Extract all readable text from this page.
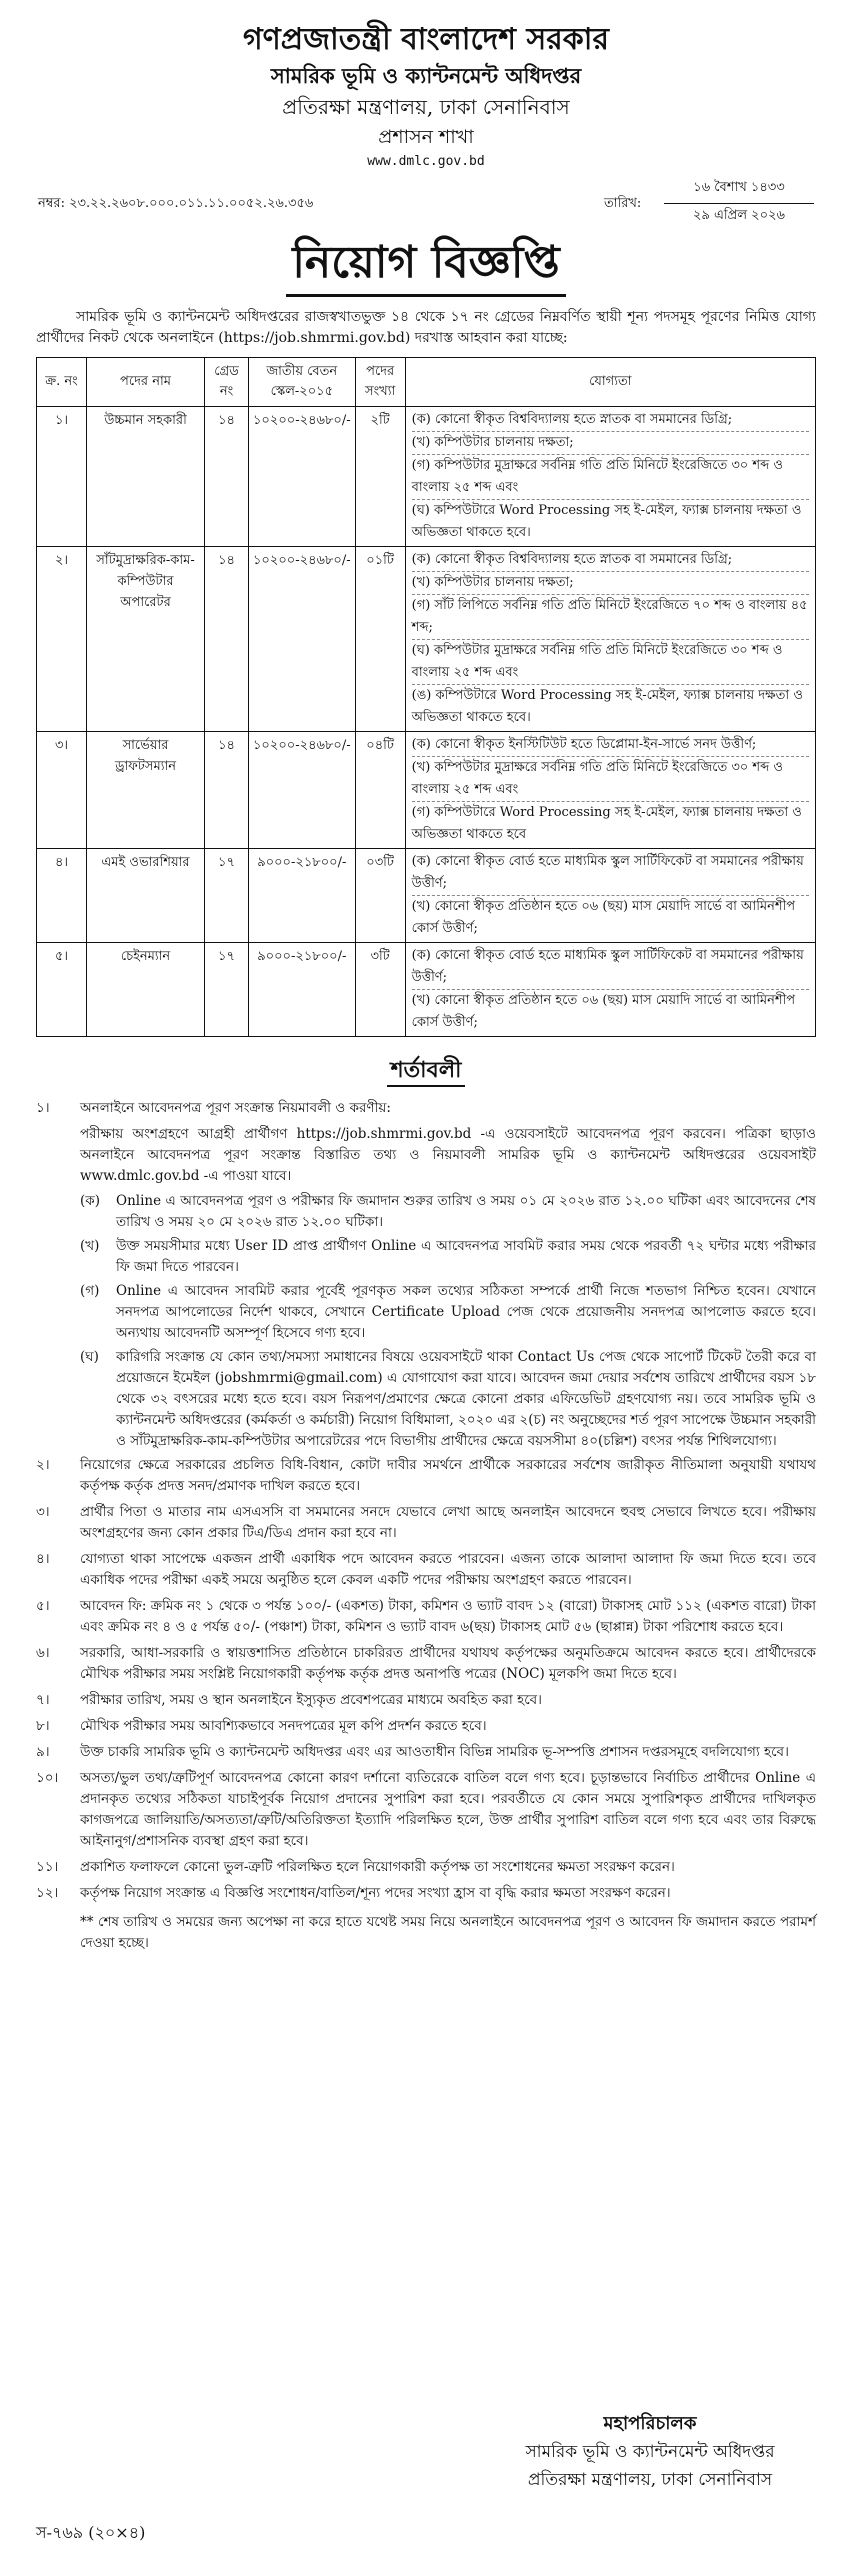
গণপ্রজাতন্ত্রী বাংলাদেশ সরকার
সামরিক ভূমি ও ক্যান্টনমেন্ট অধিদপ্তর
প্রতিরক্ষা মন্ত্রণালয়, ঢাকা সেনানিবাস
প্রশাসন শাখা
www.dmlc.gov.bd
নম্বর: ২৩.২২.২৬০৮.০০০.০১১.১১.০০৫২.২৬.৩৫৬	তারিখ:
১৬ বৈশাখ ১৪৩৩
২৯ এপ্রিল ২০২৬
নিয়োগ বিজ্ঞপ্তি
সামরিক ভূমি ও ক্যান্টনমেন্ট অধিদপ্তরের রাজস্বখাতভুক্ত ১৪ থেকে ১৭ নং গ্রেডের নিম্নবর্ণিত স্থায়ী শূন্য পদসমূহ পূরণের নিমিত্ত যোগ্য প্রার্থীদের নিকট থেকে অনলাইনে (https://job.shmrmi.gov.bd) দরখাস্ত আহবান করা যাচ্ছে:
ক্র. নং	পদের নাম	গ্রেড নং	জাতীয় বেতন স্কেল-২০১৫	পদের সংখ্যা	যোগ্যতা
১।	উচ্চমান সহকারী	১৪	১০২০০-২৪৬৮০/-	২টি	(ক) কোনো স্বীকৃত বিশ্ববিদ্যালয় হতে স্নাতক বা সমমানের ডিগ্রি;
(খ) কম্পিউটার চালনায় দক্ষতা;
(গ) কম্পিউটার মুদ্রাক্ষরে সর্বনিম্ন গতি প্রতি মিনিটে ইংরেজিতে ৩০ শব্দ ও বাংলায় ২৫ শব্দ এবং
(ঘ) কম্পিউটারে Word Processing সহ ই-মেইল, ফ্যাক্স চালনায় দক্ষতা ও অভিজ্ঞতা থাকতে হবে।

২।	সাঁটমুদ্রাক্ষরিক-কাম-কম্পিউটার অপারেটর	১৪	১০২০০-২৪৬৮০/-	০১টি	(ক) কোনো স্বীকৃত বিশ্ববিদ্যালয় হতে স্নাতক বা সমমানের ডিগ্রি;
(খ) কম্পিউটার চালনায় দক্ষতা;
(গ) সাঁট লিপিতে সর্বনিম্ন গতি প্রতি মিনিটে ইংরেজিতে ৭০ শব্দ ও বাংলায় ৪৫ শব্দ;
(ঘ) কম্পিউটার মুদ্রাক্ষরে সর্বনিম্ন গতি প্রতি মিনিটে ইংরেজিতে ৩০ শব্দ ও বাংলায় ২৫ শব্দ এবং
(ঙ) কম্পিউটারে Word Processing সহ ই-মেইল, ফ্যাক্স চালনায় দক্ষতা ও অভিজ্ঞতা থাকতে হবে।

৩।	সার্ভেয়ার ড্রাফটসম্যান	১৪	১০২০০-২৪৬৮০/-	০৪টি	(ক) কোনো স্বীকৃত ইনস্টিটিউট হতে ডিপ্লোমা-ইন-সার্ভে সনদ উত্তীর্ণ;
(খ) কম্পিউটার মুদ্রাক্ষরে সর্বনিম্ন গতি প্রতি মিনিটে ইংরেজিতে ৩০ শব্দ ও বাংলায় ২৫ শব্দ এবং
(গ) কম্পিউটারে Word Processing সহ ই-মেইল, ফ্যাক্স চালনায় দক্ষতা ও অভিজ্ঞতা থাকতে হবে

৪।	এমই ওভারশিয়ার	১৭	৯০০০-২১৮০০/-	০৩টি	(ক) কোনো স্বীকৃত বোর্ড হতে মাধ্যমিক স্কুল সার্টিফিকেট বা সমমানের পরীক্ষায় উত্তীর্ণ;
(খ) কোনো স্বীকৃত প্রতিষ্ঠান হতে ০৬ (ছয়) মাস মেয়াদি সার্ভে বা আমিনশীপ কোর্স উত্তীর্ণ;

৫।	চেইনম্যান	১৭	৯০০০-২১৮০০/-	৩টি	(ক) কোনো স্বীকৃত বোর্ড হতে মাধ্যমিক স্কুল সার্টিফিকেট বা সমমানের পরীক্ষায় উত্তীর্ণ;
(খ) কোনো স্বীকৃত প্রতিষ্ঠান হতে ০৬ (ছয়) মাস মেয়াদি সার্ভে বা আমিনশীপ কোর্স উত্তীর্ণ;
শর্তাবলী
১।	অনলাইনে আবেদনপত্র পূরণ সংক্রান্ত নিয়মাবলী ও করণীয়:
পরীক্ষায় অংশগ্রহণে আগ্রহী প্রার্থীগণ https://job.shmrmi.gov.bd -এ ওয়েবসাইটে আবেদনপত্র পূরণ করবেন। পত্রিকা ছাড়াও অনলাইনে আবেদনপত্র পূরণ সংক্রান্ত বিস্তারিত তথ্য ও নিয়মাবলী সামরিক ভূমি ও ক্যান্টনমেন্ট অধিদপ্তরের ওয়েবসাইট www.dmlc.gov.bd -এ পাওয়া যাবে।
(ক)	Online এ আবেদনপত্র পূরণ ও পরীক্ষার ফি জমাদান শুরুর তারিখ ও সময় ০১ মে ২০২৬ রাত ১২.০০ ঘটিকা এবং আবেদনের শেষ তারিখ ও সময় ২০ মে ২০২৬ রাত ১২.০০ ঘটিকা।
(খ)	উক্ত সময়সীমার মধ্যে User ID প্রাপ্ত প্রার্থীগণ Online এ আবেদনপত্র সাবমিট করার সময় থেকে পরবর্তী ৭২ ঘন্টার মধ্যে পরীক্ষার ফি জমা দিতে পারবেন।
(গ)	Online এ আবেদন সাবমিট করার পূর্বেই পূরণকৃত সকল তথ্যের সঠিকতা সম্পর্কে প্রার্থী নিজে শতভাগ নিশ্চিত হবেন। যেখানে সনদপত্র আপলোডের নির্দেশ থাকবে, সেখানে Certificate Upload পেজ থেকে প্রয়োজনীয় সনদপত্র আপলোড করতে হবে। অন্যথায় আবেদনটি অসম্পূর্ণ হিসেবে গণ্য হবে।
(ঘ)	কারিগরি সংক্রান্ত যে কোন তথ্য/সমস্যা সমাধানের বিষয়ে ওয়েবসাইটে থাকা Contact Us পেজ থেকে সাপোর্ট টিকেট তৈরী করে বা প্রয়োজনে ইমেইল (jobshmrmi@gmail.com) এ যোগাযোগ করা যাবে। আবেদন জমা দেয়ার সর্বশেষ তারিখে প্রার্থীদের বয়স ১৮ থেকে ৩২ বৎসরের মধ্যে হতে হবে। বয়স নিরূপণ/প্রমাণের ক্ষেত্রে কোনো প্রকার এফিডেভিট গ্রহণযোগ্য নয়। তবে সামরিক ভূমি ও ক্যান্টনমেন্ট অধিদপ্তরের (কর্মকর্তা ও কর্মচারী) নিয়োগ বিধিমালা, ২০২০ এর ২(চ) নং অনুচ্ছেদের শর্ত পূরণ সাপেক্ষে উচ্চমান সহকারী ও সাঁটমুদ্রাক্ষরিক-কাম-কম্পিউটার অপারেটরের পদে বিভাগীয় প্রার্থীদের ক্ষেত্রে বয়সসীমা ৪০(চল্লিশ) বৎসর পর্যন্ত শিথিলযোগ্য।
২।	নিয়োগের ক্ষেত্রে সরকারের প্রচলিত বিধি-বিধান, কোটা দাবীর সমর্থনে প্রার্থীকে সরকারের সর্বশেষ জারীকৃত নীতিমালা অনুযায়ী যথাযথ কর্তৃপক্ষ কর্তৃক প্রদত্ত সনদ/প্রমাণক দাখিল করতে হবে।
৩।	প্রার্থীর পিতা ও মাতার নাম এসএসসি বা সমমানের সনদে যেভাবে লেখা আছে অনলাইন আবেদনে হুবহু সেভাবে লিখতে হবে। পরীক্ষায় অংশগ্রহণের জন্য কোন প্রকার টিএ/ডিএ প্রদান করা হবে না।
৪।	যোগ্যতা থাকা সাপেক্ষে একজন প্রার্থী একাধিক পদে আবেদন করতে পারবেন। এজন্য তাকে আলাদা আলাদা ফি জমা দিতে হবে। তবে একাধিক পদের পরীক্ষা একই সময়ে অনুষ্ঠিত হলে কেবল একটি পদের পরীক্ষায় অংশগ্রহণ করতে পারবেন।
৫।	আবেদন ফি: ক্রমিক নং ১ থেকে ৩ পর্যন্ত ১০০/- (একশত) টাকা, কমিশন ও ভ্যাট বাবদ ১২ (বারো) টাকাসহ মোট ১১২ (একশত বারো) টাকা এবং ক্রমিক নং ৪ ও ৫ পর্যন্ত ৫০/- (পঞ্চাশ) টাকা, কমিশন ও ভ্যাট বাবদ ৬(ছয়) টাকাসহ মোট ৫৬ (ছাপ্পান্ন) টাকা পরিশোধ করতে হবে।
৬।	সরকারি, আধা-সরকারি ও স্বায়ত্তশাসিত প্রতিষ্ঠানে চাকরিরত প্রার্থীদের যথাযথ কর্তৃপক্ষের অনুমতিক্রমে আবেদন করতে হবে। প্রার্থীদেরকে মৌখিক পরীক্ষার সময় সংশ্লিষ্ট নিয়োগকারী কর্তৃপক্ষ কর্তৃক প্রদত্ত অনাপত্তি পত্রের (NOC) মূলকপি জমা দিতে হবে।
৭।	পরীক্ষার তারিখ, সময় ও স্থান অনলাইনে ইস্যুকৃত প্রবেশপত্রের মাধ্যমে অবহিত করা হবে।
৮।	মৌখিক পরীক্ষার সময় আবশ্যিকভাবে সনদপত্রের মূল কপি প্রদর্শন করতে হবে।
৯।	উক্ত চাকরি সামরিক ভূমি ও ক্যান্টনমেন্ট অধিদপ্তর এবং এর আওতাধীন বিভিন্ন সামরিক ভূ-সম্পত্তি প্রশাসন দপ্তরসমূহে বদলিযোগ্য হবে।
১০।	অসত্য/ভুল তথ্য/ত্রুটিপূর্ণ আবেদনপত্র কোনো কারণ দর্শানো ব্যতিরেকে বাতিল বলে গণ্য হবে। চূড়ান্তভাবে নির্বাচিত প্রার্থীদের Online এ প্রদানকৃত তথ্যের সঠিকতা যাচাইপূর্বক নিয়োগ প্রদানের সুপারিশ করা হবে। পরবর্তীতে যে কোন সময়ে সুপারিশকৃত প্রার্থীদের দাখিলকৃত কাগজপত্রে জালিয়াতি/অসত্যতা/ত্রুটি/অতিরিক্ততা ইত্যাদি পরিলক্ষিত হলে, উক্ত প্রার্থীর সুপারিশ বাতিল বলে গণ্য হবে এবং তার বিরুদ্ধে আইনানুগ/প্রশাসনিক ব্যবস্থা গ্রহণ করা হবে।
১১।	প্রকাশিত ফলাফলে কোনো ভুল-ত্রুটি পরিলক্ষিত হলে নিয়োগকারী কর্তৃপক্ষ তা সংশোধনের ক্ষমতা সংরক্ষণ করেন।
১২।	কর্তৃপক্ষ নিয়োগ সংক্রান্ত এ বিজ্ঞপ্তি সংশোধন/বাতিল/শূন্য পদের সংখ্যা হ্রাস বা বৃদ্ধি করার ক্ষমতা সংরক্ষণ করেন।
** শেষ তারিখ ও সময়ের জন্য অপেক্ষা না করে হাতে যথেষ্ট সময় নিয়ে অনলাইনে আবেদনপত্র পূরণ ও আবেদন ফি জমাদান করতে পরামর্শ দেওয়া হচ্ছে।
মহাপরিচালক
সামরিক ভূমি ও ক্যান্টনমেন্ট অধিদপ্তর
প্রতিরক্ষা মন্ত্রণালয়, ঢাকা সেনানিবাস
স-৭৬৯ (২০×৪)
